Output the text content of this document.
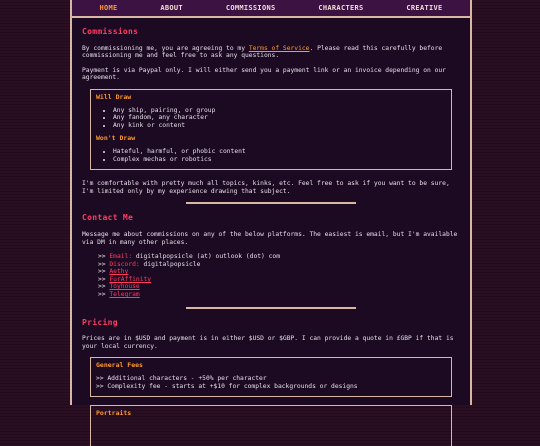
HOME	ABOUT	COMMISSIONS	CHARACTERS	CREATIVE
Commissions

By commissioning me, you are agreeing to my Terms of Service. Please read this carefully before commissioning me and feel free to ask any questions.

Payment is via Paypal only. I will either send you a payment link or an invoice depending on our agreement.

Will Draw
• Any ship, pairing, or group
• Any fandom, any character
• Any kink or content
Won't Draw
• Hateful, harmful, or phobic content
• Complex mechas or robotics

I'm comfortable with pretty much all topics, kinks, etc. Feel free to ask if you want to be sure, I'm limited only by my experience drawing that subject.

Contact Me

Message me about commissions on any of the below platforms. The easiest is email, but I'm available via DM in many other places.

>> Email: digitalpopsicle (at) outlook (dot) com
>> Discord: digitalpopsicle
>> Aethy
>> FurAffinity
>> Toyhouse
>> Telegram
Pricing

Prices are in $USD and payment is in either $USD or $GBP. I can provide a quote in £GBP if that is your local currency.

General Fees
>> Additional characters - +50% per character
>> Complexity fee - starts at +$10 for complex backgrounds or designs
Portraits
